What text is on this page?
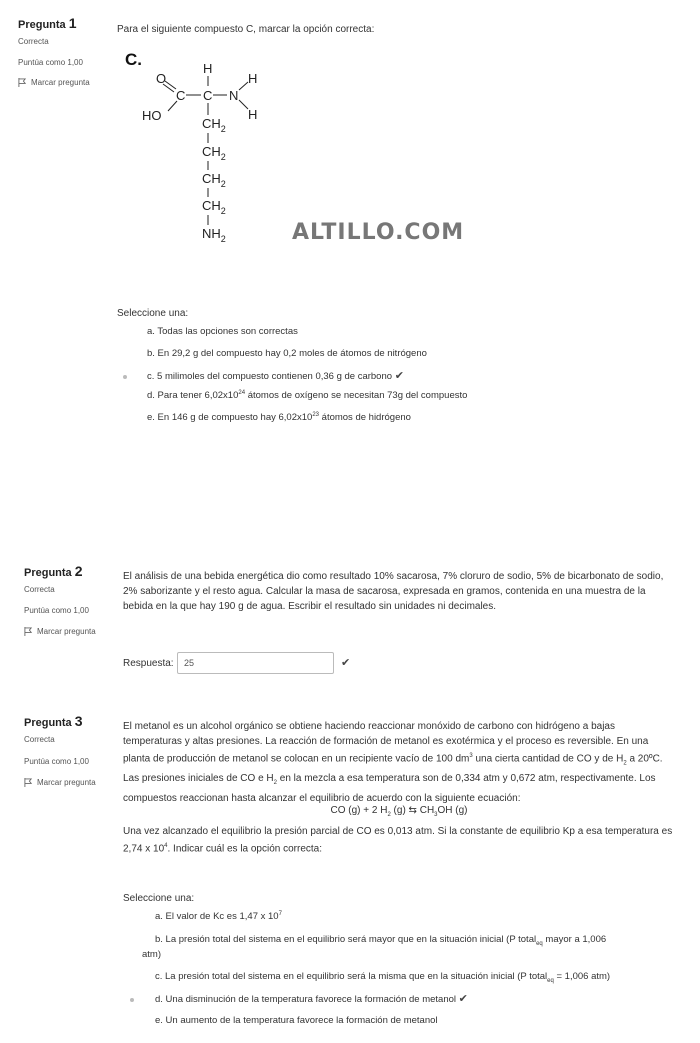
Pregunta 1
Correcta
Puntúa como 1,00
Marcar pregunta
Para el siguiente compuesto C, marcar la opción correcta:
C.
O
C
H
C N
H
H
HO
$CH_2$
$CH_2$
$CH_2$
$CH_2$
$NH_2$	ALTILLO.COM
Seleccione una:
a. Todas las opciones son correctas
b. En 29,2 g del compuesto hay 0,2 moles de átomos de nitrógeno
c. 5 milimoles del compuesto contienen 0,36 g de carbono ✔
d. Para tener $6,02x10^{24}$ átomos de oxígeno se necesitan 73g del compuesto
e. En 146 g de compuesto hay $6,02x10^{23}$ átomos de hidrógeno
Pregunta 2
Correcta
Puntúa como 1,00
Marcar pregunta
El análisis de una bebida energética dio como resultado 10% sacarosa, 7% cloruro de sodio, 5% de bicarbonato de sodio, 2% saborizante y el resto agua. Calcular la masa de sacarosa, expresada en gramos, contenida en una muestra de la bebida en la que hay 190 g de agua. Escribir el resultado sin unidades ni decimales.
Respuesta:	25	✔
Pregunta 3
Correcta
Puntúa como 1,00
Marcar pregunta
El metanol es un alcohol orgánico se obtiene haciendo reaccionar monóxido de carbono con hidrógeno a bajas temperaturas y altas presiones. La reacción de formación de metanol es exotérmica y el proceso es reversible. En una planta de producción de metanol se colocan en un recipiente vacío de 100 $dm^3$ una cierta cantidad de CO y de $H_2$ a 20ºC. Las presiones iniciales de CO e $H_2$ en la mezcla a esa temperatura son de 0,334 atm y 0,672 atm, respectivamente. Los compuestos reaccionan hasta alcanzar el equilibrio de acuerdo con la siguiente ecuación:
CO (g) + 2 $H_2$ (g) ⇆ $CH_3OH$ (g)
Una vez alcanzado el equilibrio la presión parcial de CO es 0,013 atm. Si la constante de equilibrio Kp a esa temperatura es 2,74 x $10^4$. Indicar cuál es la opción correcta:
Seleccione una:
a. El valor de Kc es 1,47 x $10^7$
b. La presión total del sistema en el equilibrio será mayor que en la situación inicial (P total$_{eq}$ mayor a 1,006
atm)
c. La presión total del sistema en el equilibrio será la misma que en la situación inicial (P total$_{eq}$ = 1,006 atm)
d. Una disminución de la temperatura favorece la formación de metanol ✔
e. Un aumento de la temperatura favorece la formación de metanol
